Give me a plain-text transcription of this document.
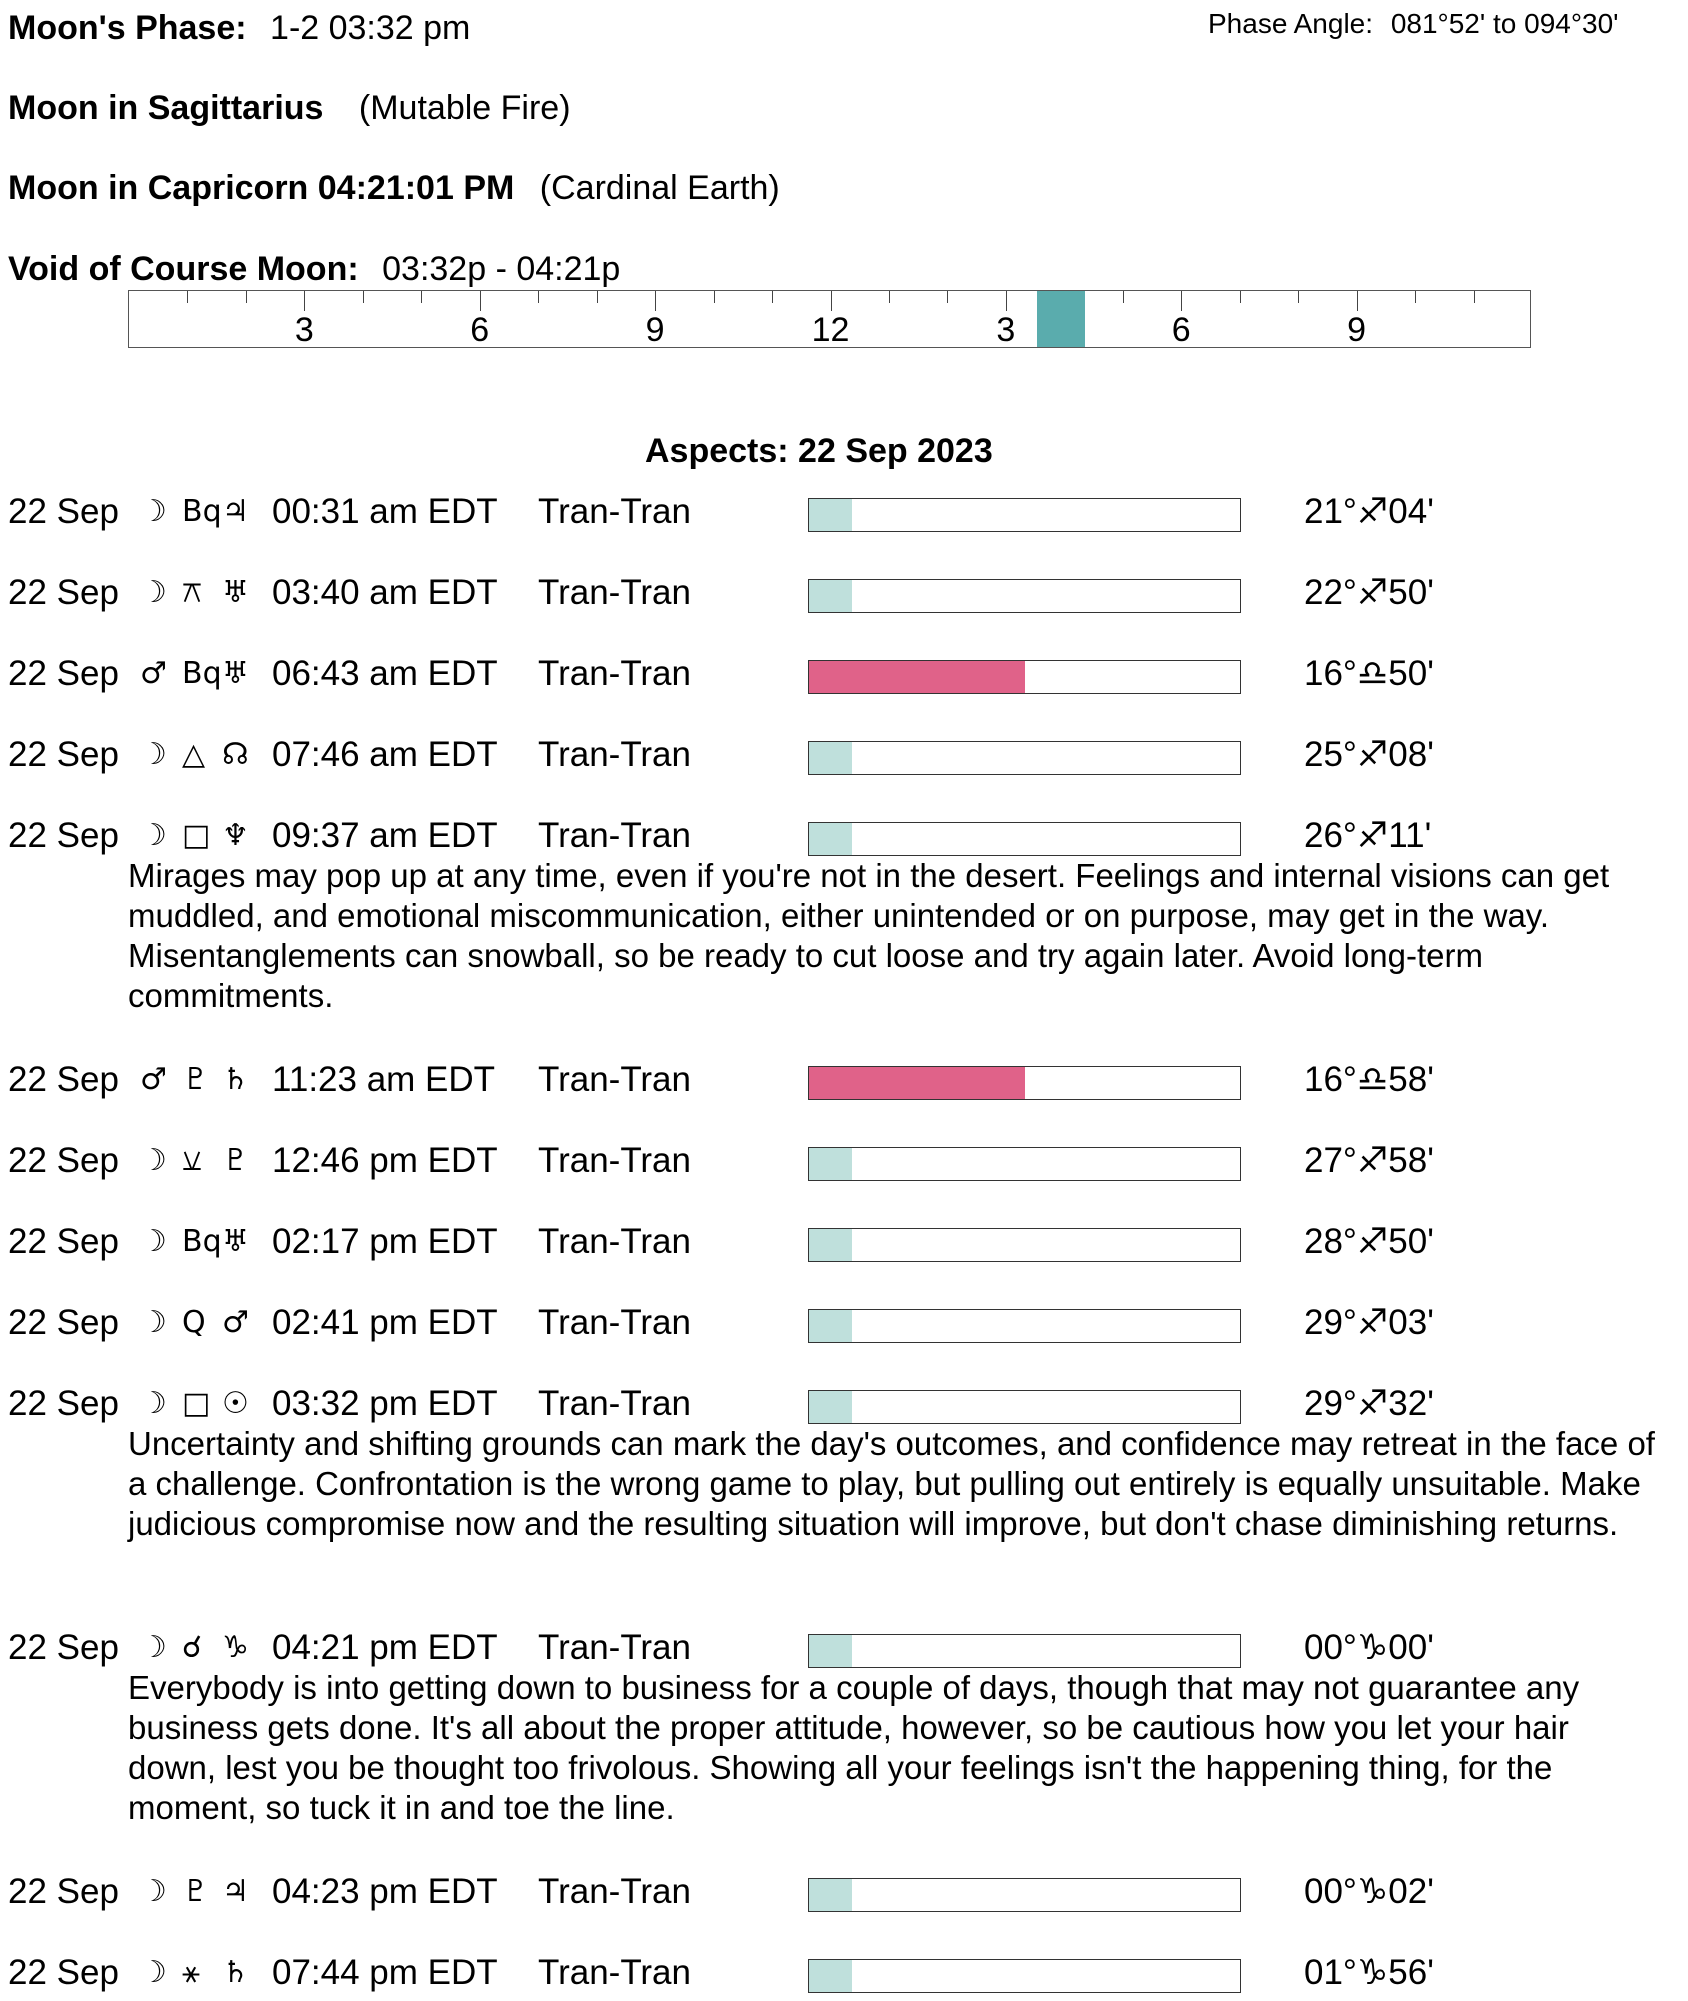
Moon's Phase: 1-2 03:32 pm	Phase Angle: 081°52' to 094°30'
Moon in Sagittarius (Mutable Fire)
Moon in Capricorn 04:21:01 PM (Cardinal Earth)
Void of Course Moon: 03:32p - 04:21p
3	6	9	12	3	6	9
Aspects: 22 Sep 2023
22 Sep ☽ Bq ♃ 00:31 am EDT Tran-Tran	21°♐04'
22 Sep ☽ ⚻ ♅ 03:40 am EDT Tran-Tran	22°♐50'
22 Sep ♂ Bq ♅ 06:43 am EDT Tran-Tran	16°♎50'
22 Sep ☽ △ ☊ 07:46 am EDT Tran-Tran	25°♐08'
22 Sep ☽ □ ♆ 09:37 am EDT Tran-Tran	26°♐11'
Mirages may pop up at any time, even if you're not in the desert. Feelings and internal visions can get muddled, and emotional miscommunication, either unintended or on purpose, may get in the way. Misentanglements can snowball, so be ready to cut loose and try again later. Avoid long-term commitments.
22 Sep ♂ ♇ ♄ 11:23 am EDT Tran-Tran	16°♎58'
22 Sep ☽ ⚺ ♇ 12:46 pm EDT Tran-Tran	27°♐58'
22 Sep ☽ Bq ♅ 02:17 pm EDT Tran-Tran	28°♐50'
22 Sep ☽ Q ♂ 02:41 pm EDT Tran-Tran	29°♐03'
22 Sep ☽ □ ☉ 03:32 pm EDT Tran-Tran	29°♐32'
Uncertainty and shifting grounds can mark the day's outcomes, and confidence may retreat in the face of a challenge. Confrontation is the wrong game to play, but pulling out entirely is equally unsuitable. Make judicious compromise now and the resulting situation will improve, but don't chase diminishing returns.
22 Sep ☽ ☌ ♑ 04:21 pm EDT Tran-Tran	00°♑00'
Everybody is into getting down to business for a couple of days, though that may not guarantee any business gets done. It's all about the proper attitude, however, so be cautious how you let your hair down, lest you be thought too frivolous. Showing all your feelings isn't the happening thing, for the moment, so tuck it in and toe the line.
22 Sep ☽ ♇ ♃ 04:23 pm EDT Tran-Tran	00°♑02'
22 Sep ☽ ⚹ ♄ 07:44 pm EDT Tran-Tran	01°♑56'
